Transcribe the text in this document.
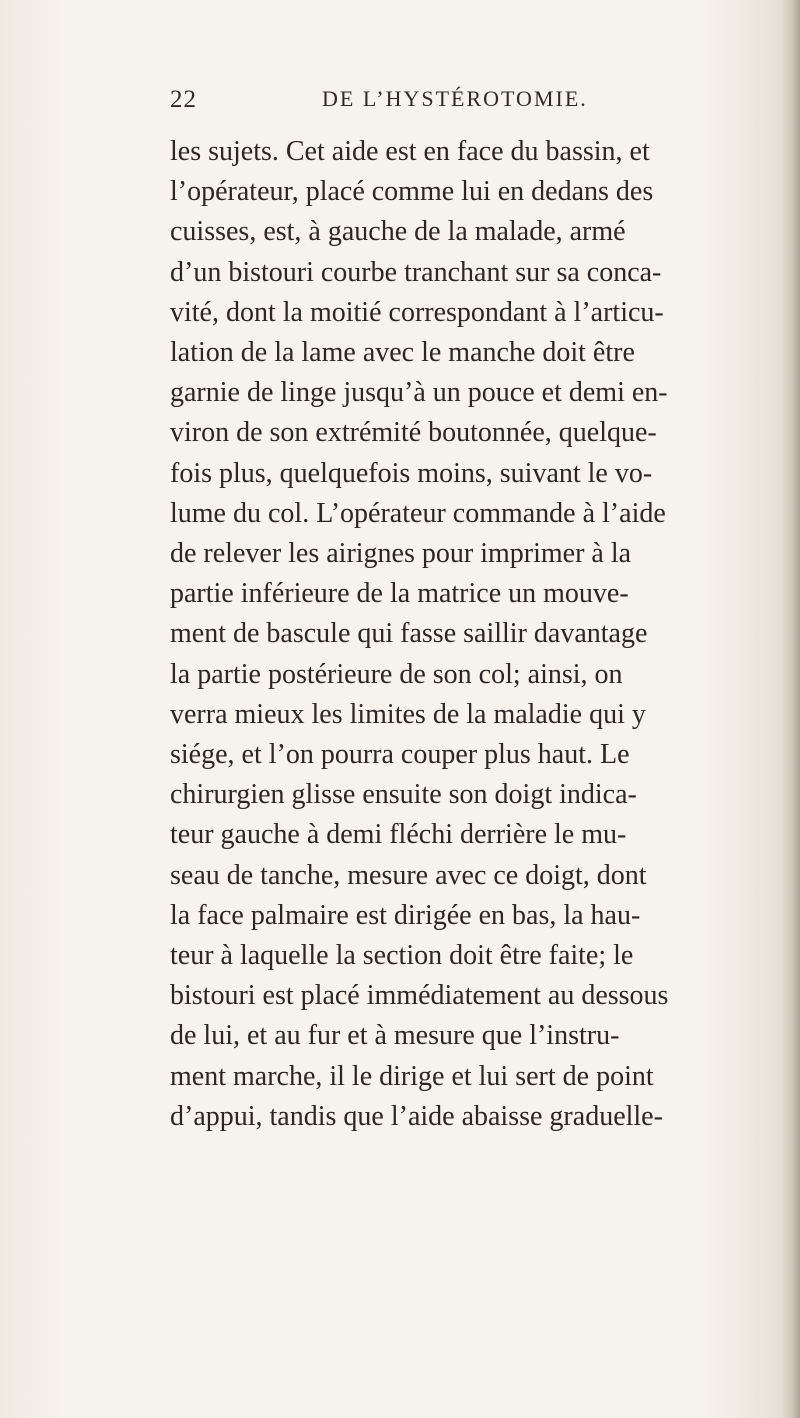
22	DE L’HYSTÉROTOMIE.
les sujets. Cet aide est en face du bassin, et
l’opérateur, placé comme lui en dedans des
cuisses, est, à gauche de la malade, armé
d’un bistouri courbe tranchant sur sa conca-
vité, dont la moitié correspondant à l’articu-
lation de la lame avec le manche doit être
garnie de linge jusqu’à un pouce et demi en-
viron de son extrémité boutonnée, quelque-
fois plus, quelquefois moins, suivant le vo-
lume du col. L’opérateur commande à l’aide
de relever les airignes pour imprimer à la
partie inférieure de la matrice un mouve-
ment de bascule qui fasse saillir davantage
la partie postérieure de son col; ainsi, on
verra mieux les limites de la maladie qui y
siége, et l’on pourra couper plus haut. Le
chirurgien glisse ensuite son doigt indica-
teur gauche à demi fléchi derrière le mu-
seau de tanche, mesure avec ce doigt, dont
la face palmaire est dirigée en bas, la hau-
teur à laquelle la section doit être faite; le
bistouri est placé immédiatement au dessous
de lui, et au fur et à mesure que l’instru-
ment marche, il le dirige et lui sert de point
d’appui, tandis que l’aide abaisse graduelle-
